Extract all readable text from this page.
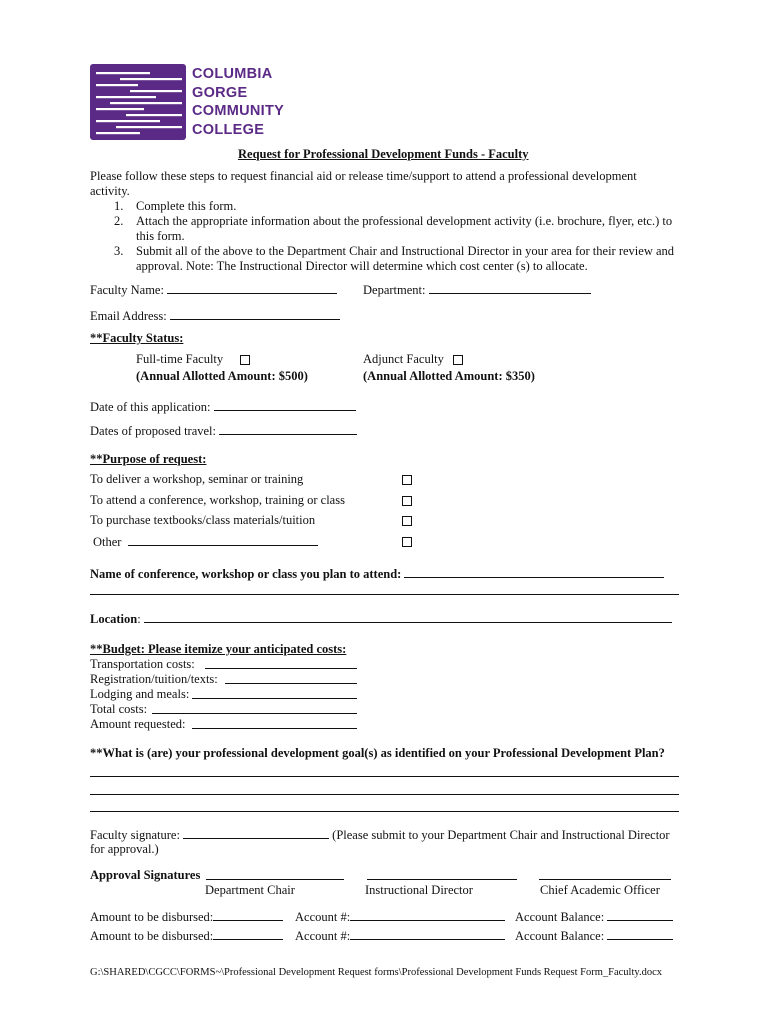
COLUMBIA
GORGE
COMMUNITY
COLLEGE
Request for Professional Development Funds - Faculty
Please follow these steps to request financial aid or release time/support to attend a professional development
activity.
1. Complete this form.
2. Attach the appropriate information about the professional development activity (i.e. brochure, flyer, etc.) to
this form.
3. Submit all of the above to the Department Chair and Instructional Director in your area for their review and
approval. Note: The Instructional Director will determine which cost center (s) to allocate.
Faculty Name:	Department:
Email Address:
**Faculty Status:
Full-time Faculty
(Annual Allotted Amount: $500)
Adjunct Faculty
(Annual Allotted Amount: $350)
Date of this application:
Dates of proposed travel:
**Purpose of request:
To deliver a workshop, seminar or training
To attend a conference, workshop, training or class
To purchase textbooks/class materials/tuition
Other
Name of conference, workshop or class you plan to attend:
Location:
**Budget: Please itemize your anticipated costs:
Transportation costs:
Registration/tuition/texts:
Lodging and meals:
Total costs:
Amount requested:
**What is (are) your professional development goal(s) as identified on your Professional Development Plan?
Faculty signature:	(Please submit to your Department Chair and Instructional Director
for approval.)
Approval Signatures
Department Chair	Instructional Director	Chief Academic Officer
Amount to be disbursed:	Account #:	Account Balance:
Amount to be disbursed:	Account #:	Account Balance:
G:\SHARED\CGCC\FORMS~\Professional Development Request forms\Professional Development Funds Request Form_Faculty.docx
